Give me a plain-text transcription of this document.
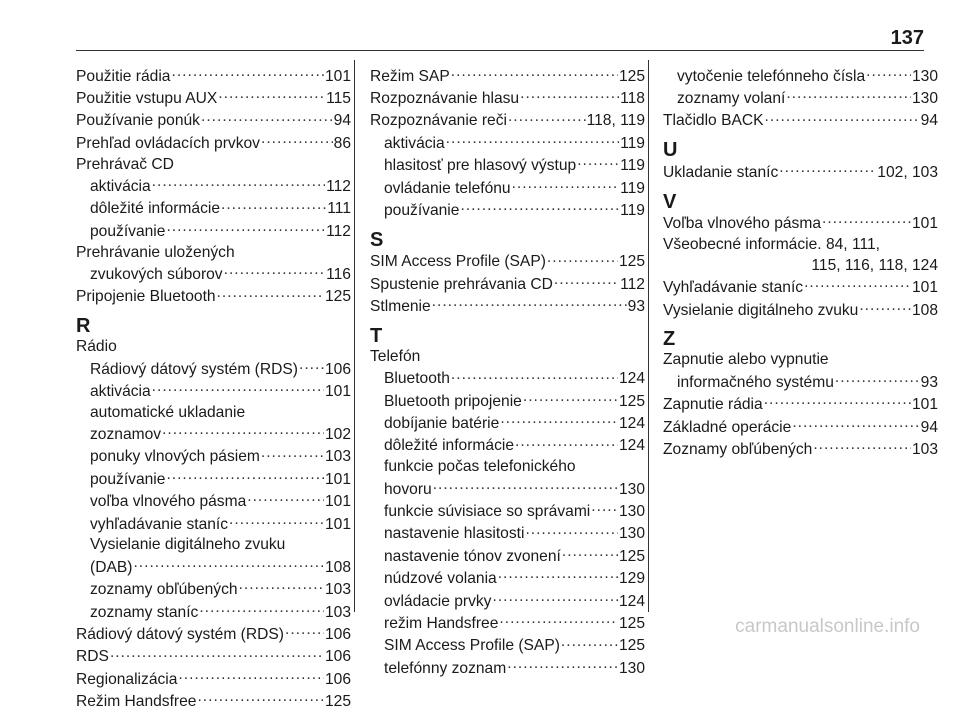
137
Použitie rádia .....	101
Použitie vstupu AUX .....	115
Používanie ponúk .....	94
Prehľad ovládacích prvkov .....	86
Prehrávač CD
aktivácia .....	112
dôležité informácie .....	111
používanie .....	112
Prehrávanie uložených
zvukových súborov .....	116
Pripojenie Bluetooth .....	125
R
Rádio
Rádiový dátový systém (RDS) ..... 106
aktivácia .....	101
automatické ukladanie
zoznamov .....	102
ponuky vlnových pásiem .....	103
používanie .....	101
voľba vlnového pásma .....	101
vyhľadávanie staníc .....	101
Vysielanie digitálneho zvuku
(DAB) .....	108
zoznamy obľúbených .....	103
zoznamy staníc .....	103
Rádiový dátový systém (RDS) .....	106
RDS .....	106
Regionalizácia .....	106
Režim Handsfree .....	125
Režim SAP .....	125
Rozpoznávanie hlasu .....	118
Rozpoznávanie reči .....	118, 119
aktivácia .....	119
hlasitosť pre hlasový výstup .....	119
ovládanie telefónu .....	119
používanie .....	119
S
SIM Access Profile (SAP) .....	125
Spustenie prehrávania CD .....	112
Stlmenie .....	93
T
Telefón
Bluetooth .....	124
Bluetooth pripojenie .....	125
dobíjanie batérie .....	124
dôležité informácie .....	124
funkcie počas telefonického
hovoru .....	130
funkcie súvisiace so správami ..... 130
nastavenie hlasitosti .....	130
nastavenie tónov zvonení .....	125
núdzové volania .....	129
ovládacie prvky .....	124
režim Handsfree .....	125
SIM Access Profile (SAP) .....	125
telefónny zoznam .....	130
vytočenie telefónneho čísla .....	130
zoznamy volaní .....	130
Tlačidlo BACK .....	94
U
Ukladanie staníc .....	102, 103
V
Voľba vlnového pásma .....	101
Všeobecné informácie. 84, 111,
115, 116, 118, 124
Vyhľadávanie staníc .....	101
Vysielanie digitálneho zvuku .....	108
Z
Zapnutie alebo vypnutie
informačného systému .....	93
Zapnutie rádia .....	101
Základné operácie .....	94
Zoznamy obľúbených .....	103
carmanualsonline.info
